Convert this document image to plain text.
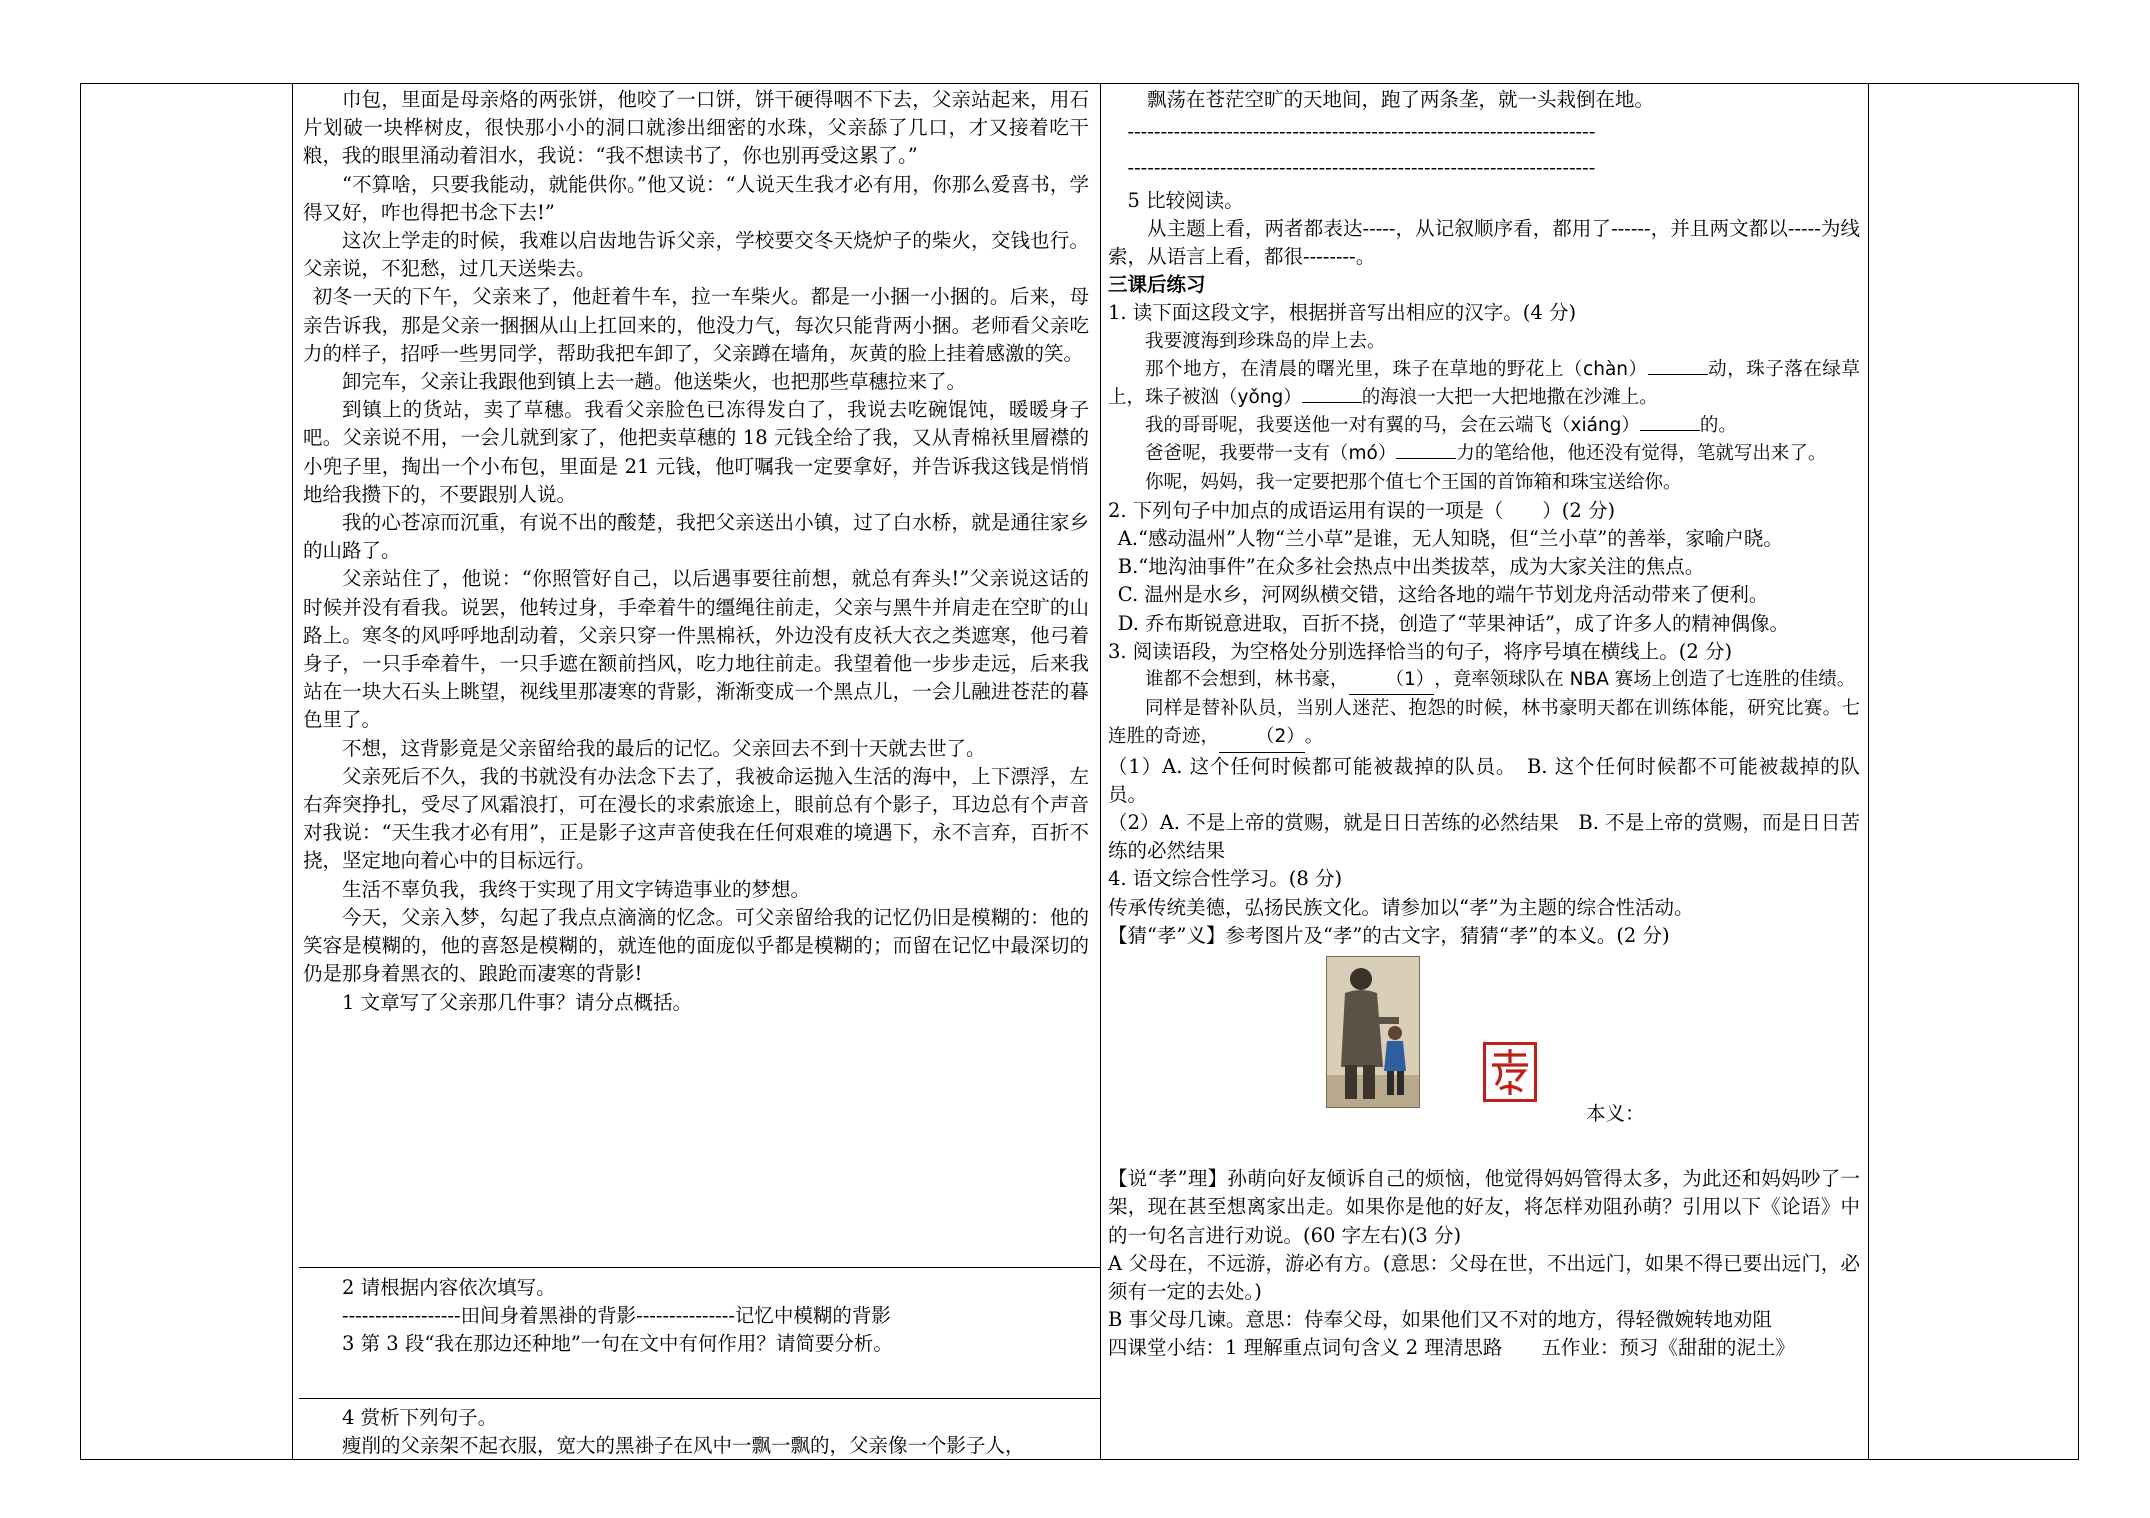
巾包，里面是母亲烙的两张饼，他咬了一口饼，饼干硬得咽不下去，父亲站起来，用石片划破一块桦树皮，很快那小小的洞口就渗出细密的水珠，父亲舔了几口，才又接着吃干粮，我的眼里涌动着泪水，我说：“我不想读书了，你也别再受这累了。”

“不算啥，只要我能动，就能供你。”他又说：“人说天生我才必有用，你那么爱喜书，学得又好，咋也得把书念下去!”

这次上学走的时候，我难以启齿地告诉父亲，学校要交冬天烧炉子的柴火，交钱也行。父亲说，不犯愁，过几天送柴去。

初冬一天的下午，父亲来了，他赶着牛车，拉一车柴火。都是一小捆一小捆的。后来，母亲告诉我，那是父亲一捆捆从山上扛回来的，他没力气，每次只能背两小捆。老师看父亲吃力的样子，招呼一些男同学，帮助我把车卸了，父亲蹲在墙角，灰黄的脸上挂着感激的笑。

卸完车，父亲让我跟他到镇上去一趟。他送柴火，也把那些草穗拉来了。

到镇上的货站，卖了草穗。我看父亲脸色已冻得发白了，我说去吃碗馄饨，暖暖身子吧。父亲说不用，一会儿就到家了，他把卖草穗的 18 元钱全给了我，又从青棉袄里層襟的小兜子里，掏出一个小布包，里面是 21 元钱，他叮嘱我一定要拿好，并告诉我这钱是悄悄地给我攒下的，不要跟别人说。

我的心苍凉而沉重，有说不出的酸楚，我把父亲送出小镇，过了白水桥，就是通往家乡的山路了。

父亲站住了，他说：“你照管好自己，以后遇事要往前想，就总有奔头!”父亲说这话的时候并没有看我。说罢，他转过身，手牵着牛的缰绳往前走，父亲与黑牛并肩走在空旷的山路上。寒冬的风呼呼地刮动着，父亲只穿一件黑棉袄，外边没有皮袄大衣之类遮寒，他弓着身子，一只手牵着牛，一只手遮在额前挡风，吃力地往前走。我望着他一步步走远，后来我站在一块大石头上眺望，视线里那凄寒的背影，渐渐变成一个黑点儿，一会儿融进苍茫的暮色里了。

不想，这背影竟是父亲留给我的最后的记忆。父亲回去不到十天就去世了。

父亲死后不久，我的书就没有办法念下去了，我被命运抛入生活的海中，上下漂浮，左右奔突挣扎，受尽了风霜浪打，可在漫长的求索旅途上，眼前总有个影子，耳边总有个声音对我说：“天生我才必有用”，正是影子这声音使我在任何艰难的境遇下，永不言弃，百折不挠，坚定地向着心中的目标远行。

生活不辜负我，我终于实现了用文字铸造事业的梦想。

今天，父亲入梦，勾起了我点点滴滴的忆念。可父亲留给我的记忆仍旧是模糊的：他的笑容是模糊的，他的喜怒是模糊的，就连他的面庞似乎都是模糊的；而留在记忆中最深切的仍是那身着黑衣的、踉跄而凄寒的背影!

1 文章写了父亲那几件事？请分点概括。

2 请根据内容依次填写。

------------------田间身着黑褂的背影---------------记忆中模糊的背影

3 第 3 段“我在那边还种地”一句在文中有何作用？请简要分析。

4 赏析下列句子。

瘦削的父亲架不起衣服，宽大的黑褂子在风中一飘一飘的，父亲像一个影子人，

飘荡在苍茫空旷的天地间，跑了两条垄，就一头栽倒在地。

-----------------------------------------------------------------------

-----------------------------------------------------------------------

5 比较阅读。

从主题上看，两者都表达-----，从记叙顺序看，都用了------，并且两文都以-----为线索，从语言上看，都很--------。

三课后练习

1. 读下面这段文字，根据拼音写出相应的汉字。(4 分)

我要渡海到珍珠岛的岸上去。

那个地方，在清晨的曙光里，珠子在草地的野花上（chàn）	动，珠子落在绿草上，珠子被汹（yǒng）	的海浪一大把一大把地撒在沙滩上。

我的哥哥呢，我要送他一对有翼的马，会在云端飞（xiáng）	的。

爸爸呢，我要带一支有（mó）	力的笔给他，他还没有觉得，笔就写出来了。

你呢，妈妈，我一定要把那个值七个王国的首饰箱和珠宝送给你。

2. 下列句子中加点的成语运用有误的一项是（　　）(2 分)

A.“感动温州”人物“兰小草”是谁，无人知晓，但“兰小草”的善举，家喻户晓。

B.“地沟油事件”在众多社会热点中出类拔萃，成为大家关注的焦点。

C. 温州是水乡，河网纵横交错，这给各地的端午节划龙舟活动带来了便利。

D. 乔布斯锐意进取，百折不挠，创造了“苹果神话”，成了许多人的精神偶像。

3. 阅读语段，为空格处分别选择恰当的句子，将序号填在横线上。(2 分)

谁都不会想到，林书豪， （1），竟率领球队在 NBA 赛场上创造了七连胜的佳绩。

同样是替补队员，当别人迷茫、抱怨的时候，林书豪明天都在训练体能，研究比赛。七连胜的奇迹， （2）。

（1）A. 这个任何时候都可能被裁掉的队员。　B. 这个任何时候都不可能被裁掉的队员。

（2）A. 不是上帝的赏赐，就是日日苦练的必然结果　B. 不是上帝的赏赐，而是日日苦练的必然结果

4. 语文综合性学习。(8 分)

传承传统美德，弘扬民族文化。请参加以“孝”为主题的综合性活动。

【猜“孝”义】参考图片及“孝”的古文字，猜猜“孝”的本义。(2 分)

本义：

【说“孝”理】孙萌向好友倾诉自己的烦恼，他觉得妈妈管得太多，为此还和妈妈吵了一架，现在甚至想离家出走。如果你是他的好友，将怎样劝阻孙萌？引用以下《论语》中的一句名言进行劝说。(60 字左右)(3 分)

A 父母在，不远游，游必有方。(意思：父母在世，不出远门，如果不得已要出远门，必须有一定的去处。)

B 事父母几谏。意思：侍奉父母，如果他们又不对的地方，得轻微婉转地劝阻

四课堂小结：1 理解重点词句含义 2 理清思路　　五作业：预习《甜甜的泥土》
